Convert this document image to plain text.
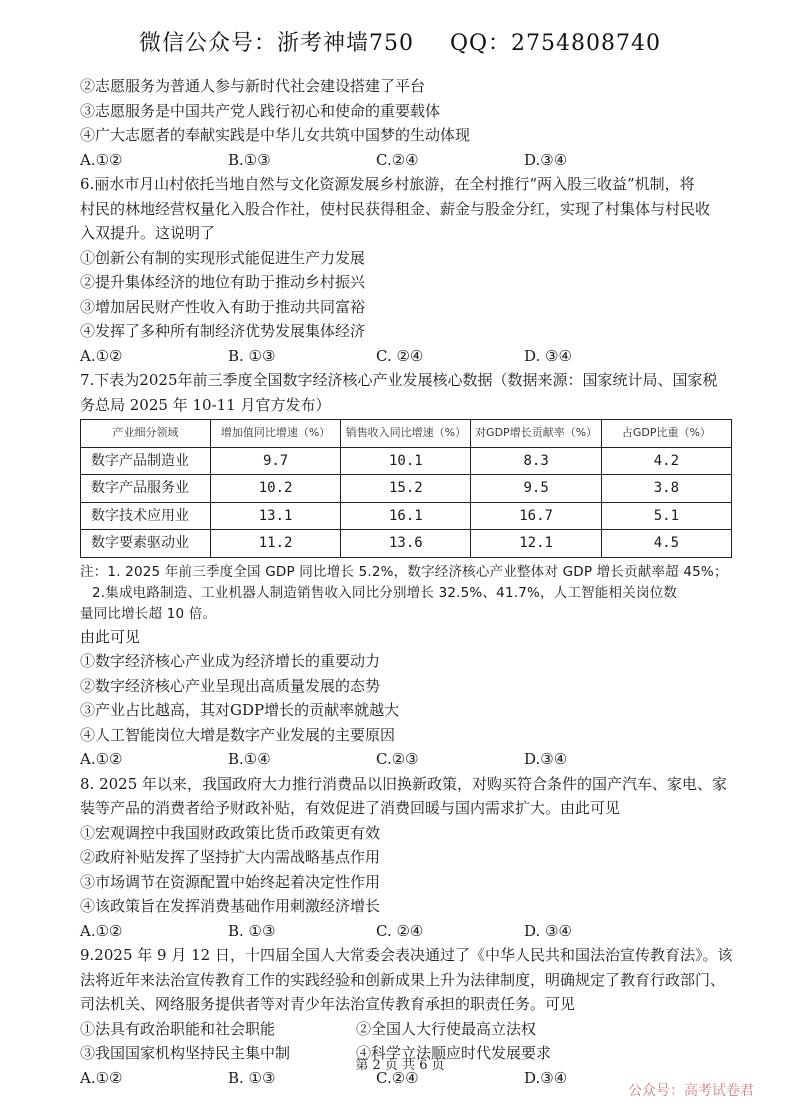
微信公众号：浙考神墙750 QQ：2754808740
②志愿服务为普通人参与新时代社会建设搭建了平台
③志愿服务是中国共产党人践行初心和使命的重要载体
④广大志愿者的奉献实践是中华儿女共筑中国梦的生动体现
A.①②	B.①③	C.②④	D.③④
6.丽水市月山村依托当地自然与文化资源发展乡村旅游，在全村推行“两入股三收益”机制，将
村民的林地经营权量化入股合作社，使村民获得租金、薪金与股金分红，实现了村集体与村民收
入双提升。这说明了
①创新公有制的实现形式能促进生产力发展
②提升集体经济的地位有助于推动乡村振兴
③增加居民财产性收入有助于推动共同富裕
④发挥了多种所有制经济优势发展集体经济
A.①②	B. ①③	C. ②④	D. ③④
7.下表为2025年前三季度全国数字经济核心产业发展核心数据（数据来源：国家统计局、国家税
务总局 2025 年 10-11 月官方发布）
产业细分领域	增加值同比增速（%）	销售收入同比增速（%）	对GDP增长贡献率（%）	占GDP比重（%）
数字产品制造业	9.7	10.1	8.3	4.2
数字产品服务业	10.2	15.2	9.5	3.8
数字技术应用业	13.1	16.1	16.7	5.1
数字要素驱动业	11.2	13.6	12.1	4.5
注：1. 2025 年前三季度全国 GDP 同比增长 5.2%，数字经济核心产业整体对 GDP 增长贡献率超 45%；
2.集成电路制造、工业机器人制造销售收入同比分别增长 32.5%、41.7%，人工智能相关岗位数
量同比增长超 10 倍。
由此可见
①数字经济核心产业成为经济增长的重要动力
②数字经济核心产业呈现出高质量发展的态势
③产业占比越高，其对GDP增长的贡献率就越大
④人工智能岗位大增是数字产业发展的主要原因
A.①②	B.①④	C.②③	D.③④
8. 2025 年以来，我国政府大力推行消费品以旧换新政策，对购买符合条件的国产汽车、家电、家
装等产品的消费者给予财政补贴，有效促进了消费回暖与国内需求扩大。由此可见
①宏观调控中我国财政政策比货币政策更有效
②政府补贴发挥了坚持扩大内需战略基点作用
③市场调节在资源配置中始终起着决定性作用
④该政策旨在发挥消费基础作用刺激经济增长
A.①②	B. ①③	C. ②④	D. ③④
9.2025 年 9 月 12 日，十四届全国人大常委会表决通过了《中华人民共和国法治宣传教育法》。该
法将近年来法治宣传教育工作的实践经验和创新成果上升为法律制度，明确规定了教育行政部门、
司法机关、网络服务提供者等对青少年法治宣传教育承担的职责任务。可见
①法具有政治职能和社会职能	②全国人大行使最高立法权
③我国国家机构坚持民主集中制	④科学立法顺应时代发展要求
A.①②	B. ①③	C.②④	D.③④
第 2 页 共 6 页
公众号：高考试卷君
